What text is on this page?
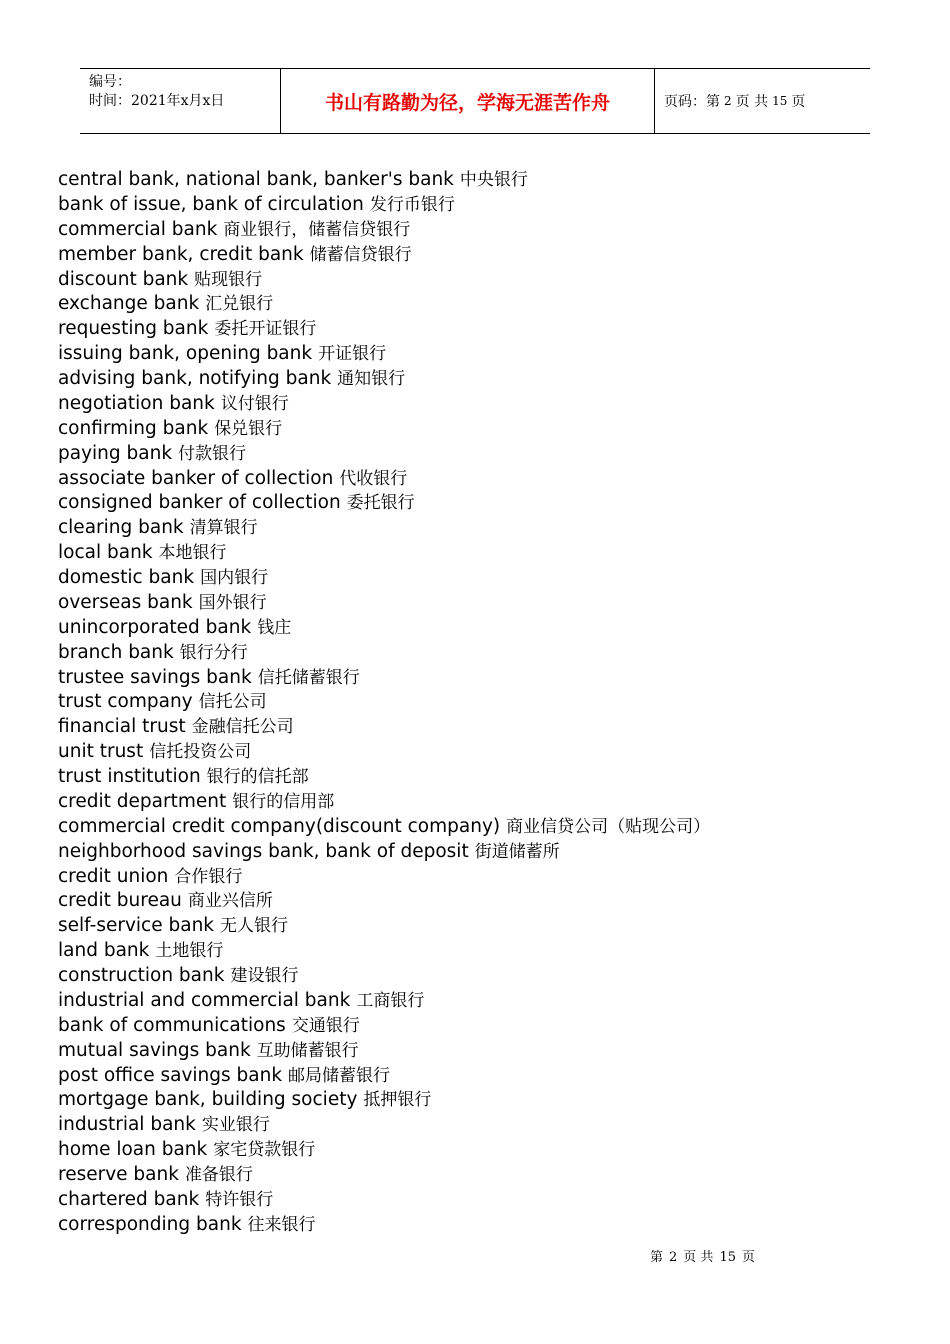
编号：
时间：2021年x月x日	书山有路勤为径，学海无涯苦作舟	页码：第 2 页 共 15 页
central bank, national bank, banker's bank 中央银行
bank of issue, bank of circulation 发行币银行
commercial bank 商业银行，储蓄信贷银行
member bank, credit bank 储蓄信贷银行
discount bank 贴现银行
exchange bank 汇兑银行
requesting bank 委托开证银行
issuing bank, opening bank 开证银行
advising bank, notifying bank 通知银行
negotiation bank 议付银行
confirming bank 保兑银行
paying bank 付款银行
associate banker of collection 代收银行
consigned banker of collection 委托银行
clearing bank 清算银行
local bank 本地银行
domestic bank 国内银行
overseas bank 国外银行
unincorporated bank 钱庄
branch bank 银行分行
trustee savings bank 信托储蓄银行
trust company 信托公司
financial trust 金融信托公司
unit trust 信托投资公司
trust institution 银行的信托部
credit department 银行的信用部
commercial credit company(discount company) 商业信贷公司（贴现公司）
neighborhood savings bank, bank of deposit 街道储蓄所
credit union 合作银行
credit bureau 商业兴信所
self-service bank 无人银行
land bank 土地银行
construction bank 建设银行
industrial and commercial bank 工商银行
bank of communications 交通银行
mutual savings bank 互助储蓄银行
post office savings bank 邮局储蓄银行
mortgage bank, building society 抵押银行
industrial bank 实业银行
home loan bank 家宅贷款银行
reserve bank 准备银行
chartered bank 特许银行
corresponding bank 往来银行
第 2 页 共 15 页
